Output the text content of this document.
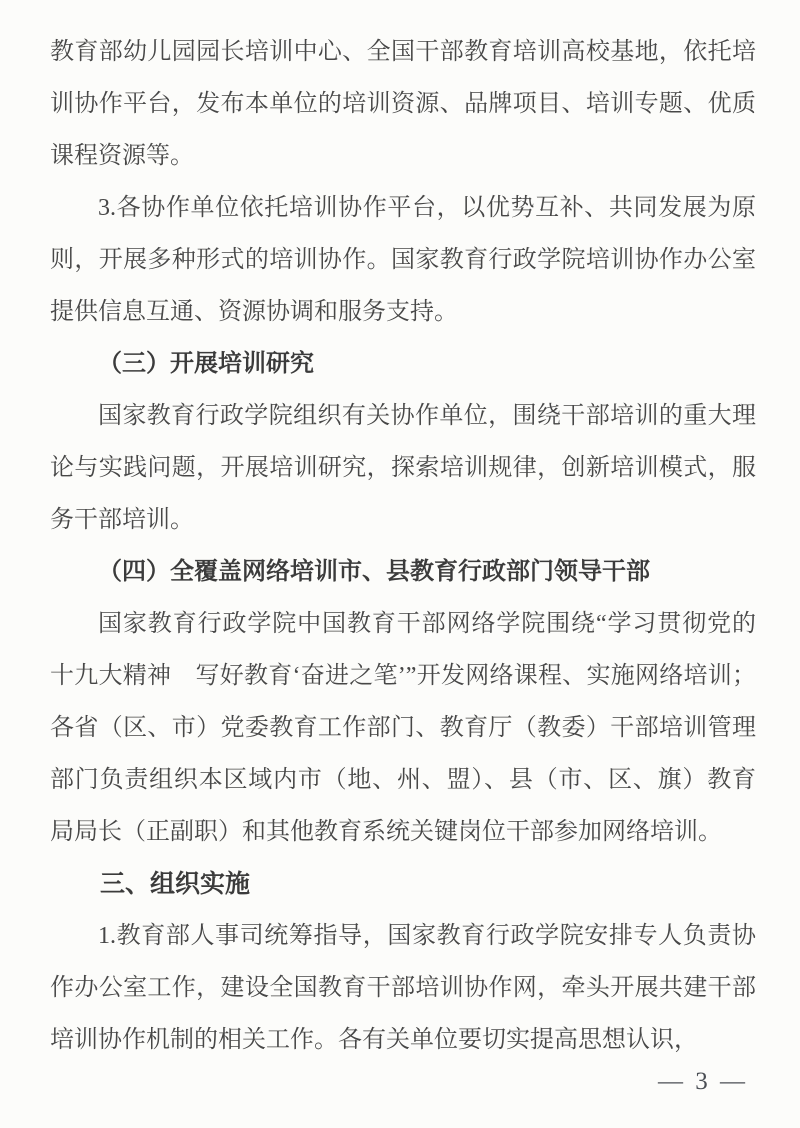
教育部幼儿园园长培训中心、全国干部教育培训高校基地，依托培训协作平台，发布本单位的培训资源、品牌项目、培训专题、优质课程资源等。

3.各协作单位依托培训协作平台，以优势互补、共同发展为原则，开展多种形式的培训协作。国家教育行政学院培训协作办公室提供信息互通、资源协调和服务支持。

（三）开展培训研究

国家教育行政学院组织有关协作单位，围绕干部培训的重大理论与实践问题，开展培训研究，探索培训规律，创新培训模式，服务干部培训。

（四）全覆盖网络培训市、县教育行政部门领导干部

国家教育行政学院中国教育干部网络学院围绕“学习贯彻党的十九大精神　写好教育‘奋进之笔’”开发网络课程、实施网络培训；各省（区、市）党委教育工作部门、教育厅（教委）干部培训管理部门负责组织本区域内市（地、州、盟）、县（市、区、旗）教育局局长（正副职）和其他教育系统关键岗位干部参加网络培训。

三、组织实施

1.教育部人事司统筹指导，国家教育行政学院安排专人负责协作办公室工作，建设全国教育干部培训协作网，牵头开展共建干部培训协作机制的相关工作。各有关单位要切实提高思想认识，

— 3 —
